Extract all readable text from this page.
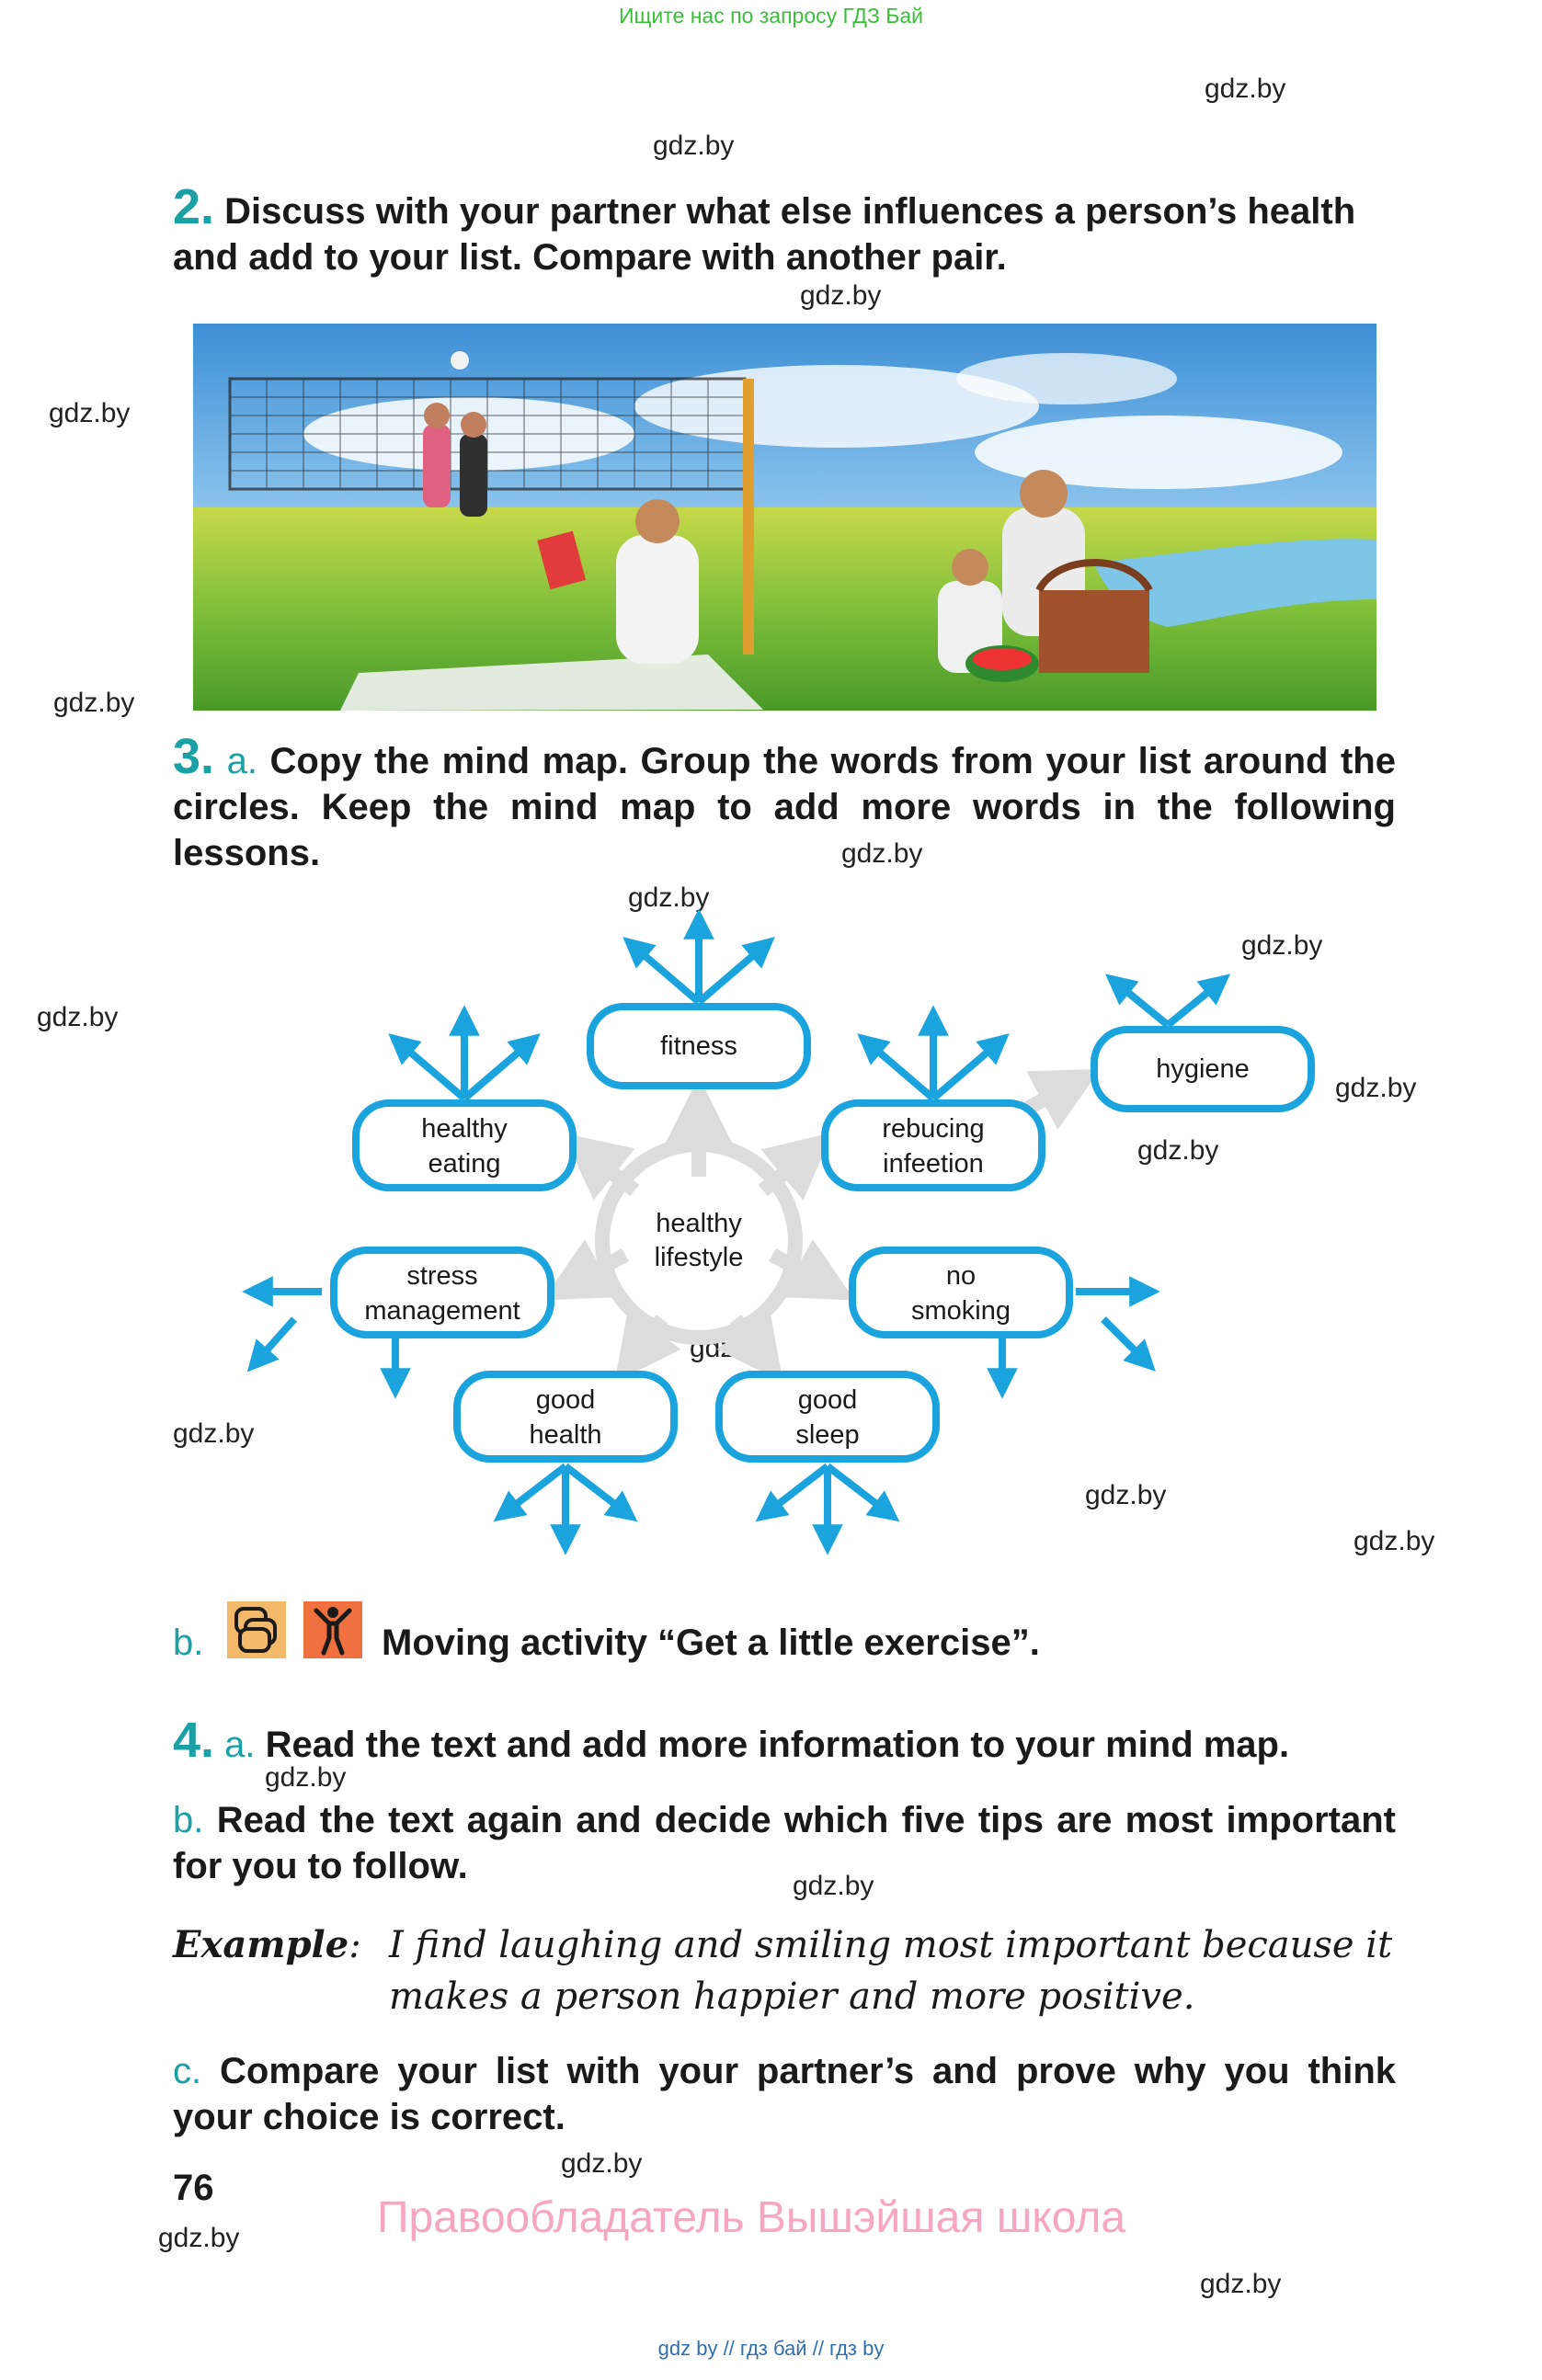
Ищите нас по запросу ГДЗ Бай
gdz.by
gdz.by
gdz.by
gdz.by
gdz.by
gdz.by
gdz.by
gdz.by
gdz.by
gdz.by
gdz.by
gdz.by
gdz.by
gdz.by
gdz.by
gdz.by
gdz.by
gdz.by
gdz.by
gdz.by
2. Discuss with your partner what else influences a person’s health and add to your list. Compare with another pair.
3. a. Copy the mind map. Group the words from your list around the circles. Keep the mind map to add more words in the following lessons.
healthy
lifestyle
fitness
hygiene
healthy
eating
rebucing
infeetion
stress
management
no
smoking
good
health
good
sleep
b.	Moving activity “Get a little exercise”.
4. a. Read the text and add more information to your mind map.
b. Read the text again and decide which five tips are most important for you to follow.
Example: I find laughing and smiling most important because it makes a person happier and more positive.
c. Compare your list with your partner’s and prove why you think your choice is correct.
76
Правообладатель Вышэйшая школа
gdz by // гдз бай // гдз by
